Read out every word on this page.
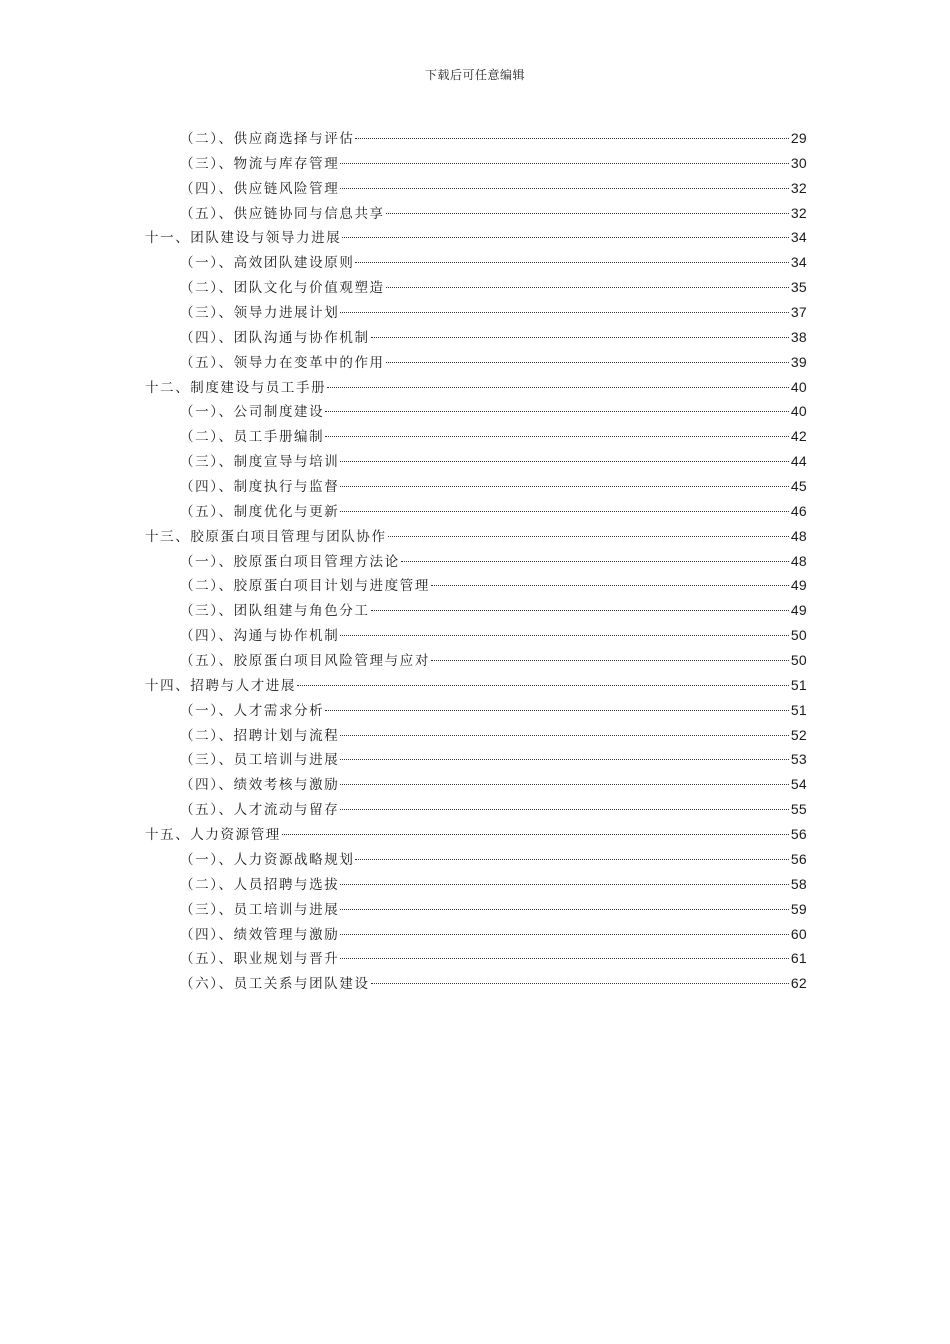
下载后可任意编辑
（二）、供应商选择与评估	29
（三）、物流与库存管理	30
（四）、供应链风险管理	32
（五）、供应链协同与信息共享	32
十一、团队建设与领导力进展	34
（一）、高效团队建设原则	34
（二）、团队文化与价值观塑造	35
（三）、领导力进展计划	37
（四）、团队沟通与协作机制	38
（五）、领导力在变革中的作用	39
十二、制度建设与员工手册	40
（一）、公司制度建设	40
（二）、员工手册编制	42
（三）、制度宣导与培训	44
（四）、制度执行与监督	45
（五）、制度优化与更新	46
十三、胶原蛋白项目管理与团队协作	48
（一）、胶原蛋白项目管理方法论	48
（二）、胶原蛋白项目计划与进度管理	49
（三）、团队组建与角色分工	49
（四）、沟通与协作机制	50
（五）、胶原蛋白项目风险管理与应对	50
十四、招聘与人才进展	51
（一）、人才需求分析	51
（二）、招聘计划与流程	52
（三）、员工培训与进展	53
（四）、绩效考核与激励	54
（五）、人才流动与留存	55
十五、人力资源管理	56
（一）、人力资源战略规划	56
（二）、人员招聘与选拔	58
（三）、员工培训与进展	59
（四）、绩效管理与激励	60
（五）、职业规划与晋升	61
（六）、员工关系与团队建设	62
